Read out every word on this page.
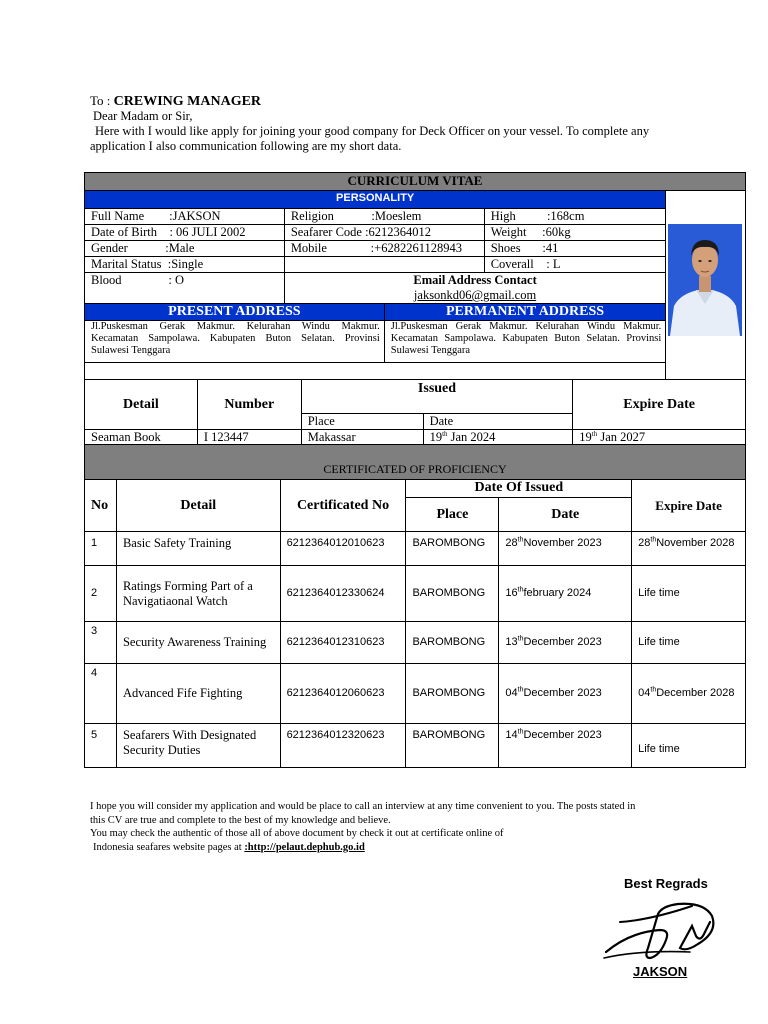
To : CREWING MANAGER
Dear Madam or Sir,
Here with I would like apply for joining your good company for Deck Officer on your vessel. To complete any application I also communication following are my short data.
CURRICULUM VITAE				
PERSONALITY				
Full Name        :JAKSON	Religion            :Moeslem		High          :168cm	
Date of Birth    : 06 JULI 2002	Seafarer Code :6212364012		Weight     :60kg	
Gender            :Male	Mobile              :+6282261128943		Shoes       :41	
Marital Status  :Single			Coverall    : L	
Blood               : O	Email Address Contact
jaksonkd06@gmail.com			

PRESENT ADDRESS		PERMANENT ADDRESS		
Jl.Puskesman Gerak Makmur. Kelurahan Windu Makmur. Kecamatan Sampolawa. Kabupaten Buton Selatan. Provinsi Sulawesi Tenggara		Jl.Puskesman Gerak Makmur. Kelurahan Windu Makmur. Kecamatan Sampolawa. Kabupaten Buton Selatan. Provinsi Sulawesi Tenggara		

Detail	Number	Issued		Expire Date
		Place	Date	
Seaman Book	I 123447	Makassar	19th Jan 2024	19th Jan 2027
CERTIFICATED OF PROFICIENCY					
No	Detail	Certificated No	Date Of Issued		Expire Date
			Place	Date	
1	Basic Safety Training	6212364012010623	BAROMBONG	28thNovember 2023	28thNovember 2028
2	Ratings Forming Part of a Navigatiaonal Watch	6212364012330624	BAROMBONG	16thfebruary 2024	Life time
3	Security Awareness Training	6212364012310623	BAROMBONG	13thDecember 2023	Life time
4	Advanced Fife Fighting	6212364012060623	BAROMBONG	04thDecember 2023	04thDecember 2028
5	Seafarers With Designated Security Duties	6212364012320623	BAROMBONG	14thDecember 2023	Life time
I hope you will consider my application and would be place to call an interview at any time convenient to you. The posts stated in
this CV are true and complete to the best of my knowledge and believe.
You may check the authentic of those all of above document by check it out at certificate online of
Indonesia seafares website pages at :http://pelaut.dephub.go.id
Best Regrads
JAKSON
